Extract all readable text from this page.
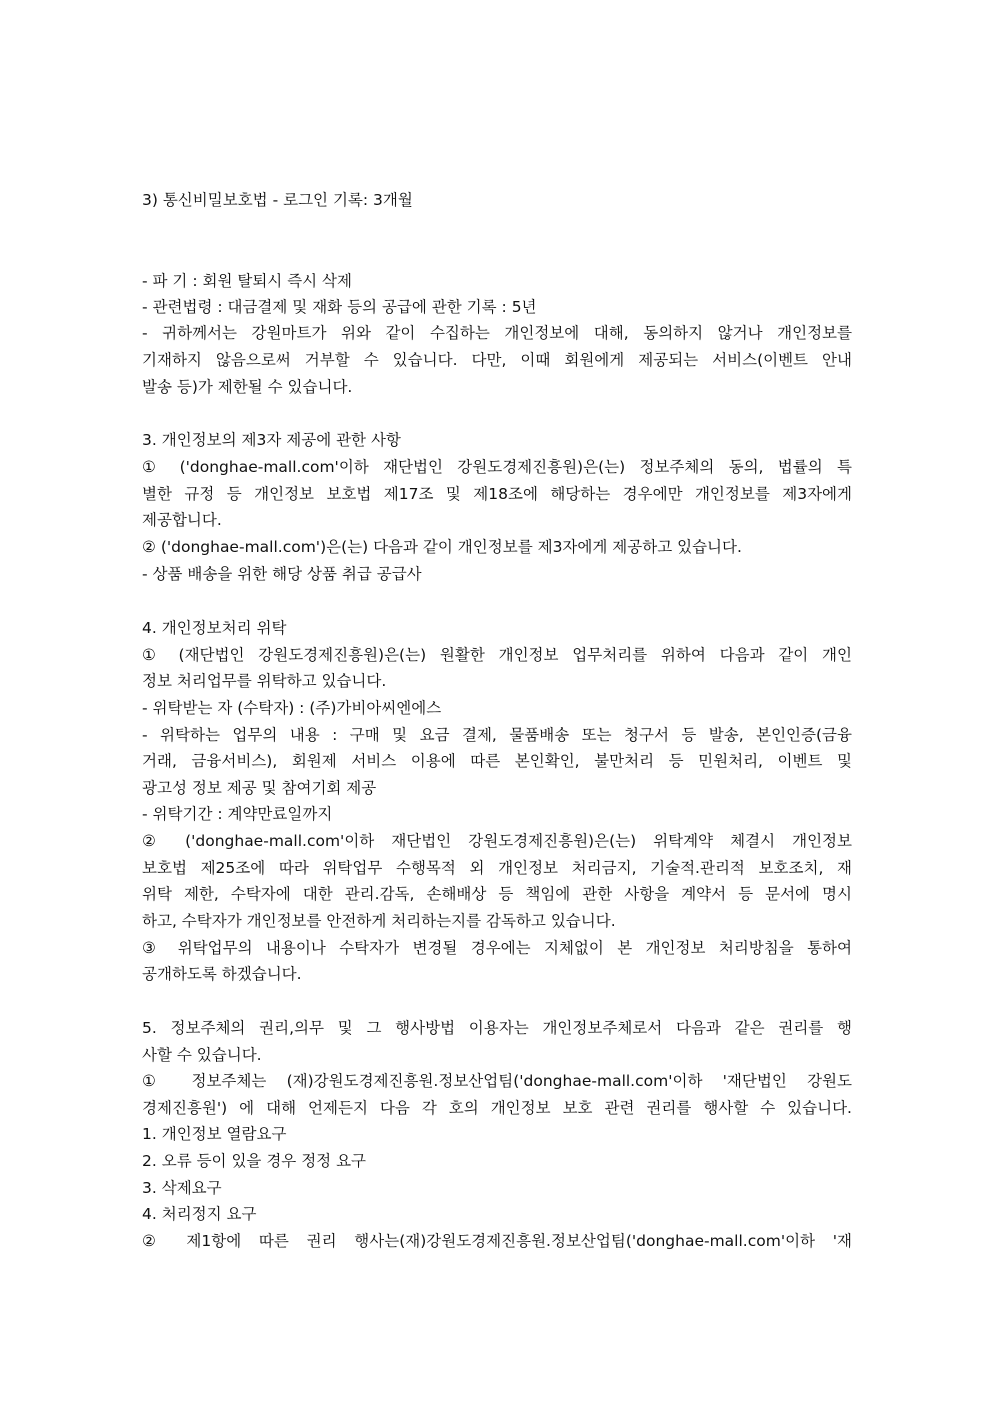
3) 통신비밀보호법 - 로그인 기록: 3개월
- 파 기 : 회원 탈퇴시 즉시 삭제
- 관련법령 : 대금결제 및 재화 등의 공급에 관한 기록 : 5년
- 귀하께서는 강원마트가 위와 같이 수집하는 개인정보에 대해, 동의하지 않거나 개인정보를
기재하지 않음으로써 거부할 수 있습니다. 다만, 이때 회원에게 제공되는 서비스(이벤트 안내
발송 등)가 제한될 수 있습니다.
3. 개인정보의 제3자 제공에 관한 사항
① ('donghae-mall.com'이하 재단법인 강원도경제진흥원)은(는) 정보주체의 동의, 법률의 특
별한 규정 등 개인정보 보호법 제17조 및 제18조에 해당하는 경우에만 개인정보를 제3자에게
제공합니다.
② ('donghae-mall.com')은(는) 다음과 같이 개인정보를 제3자에게 제공하고 있습니다.
- 상품 배송을 위한 해당 상품 취급 공급사
4. 개인정보처리 위탁
① (재단법인 강원도경제진흥원)은(는) 원활한 개인정보 업무처리를 위하여 다음과 같이 개인
정보 처리업무를 위탁하고 있습니다.
- 위탁받는 자 (수탁자) : (주)가비아씨엔에스
- 위탁하는 업무의 내용 : 구매 및 요금 결제, 물품배송 또는 청구서 등 발송, 본인인증(금융
거래, 금융서비스), 회원제 서비스 이용에 따른 본인확인, 불만처리 등 민원처리, 이벤트 및
광고성 정보 제공 및 참여기회 제공
- 위탁기간 : 계약만료일까지
② ('donghae-mall.com'이하 재단법인 강원도경제진흥원)은(는) 위탁계약 체결시 개인정보
보호법 제25조에 따라 위탁업무 수행목적 외 개인정보 처리금지, 기술적.관리적 보호조치, 재
위탁 제한, 수탁자에 대한 관리.감독, 손해배상 등 책임에 관한 사항을 계약서 등 문서에 명시
하고, 수탁자가 개인정보를 안전하게 처리하는지를 감독하고 있습니다.
③ 위탁업무의 내용이나 수탁자가 변경될 경우에는 지체없이 본 개인정보 처리방침을 통하여
공개하도록 하겠습니다.
5. 정보주체의 권리,의무 및 그 행사방법 이용자는 개인정보주체로서 다음과 같은 권리를 행
사할 수 있습니다.
① 정보주체는 (재)강원도경제진흥원.정보산업팀('donghae-mall.com'이하 '재단법인 강원도
경제진흥원') 에 대해 언제든지 다음 각 호의 개인정보 보호 관련 권리를 행사할 수 있습니다.
1. 개인정보 열람요구
2. 오류 등이 있을 경우 정정 요구
3. 삭제요구
4. 처리정지 요구
② 제1항에 따른 권리 행사는(재)강원도경제진흥원.정보산업팀('donghae-mall.com'이하 '재
